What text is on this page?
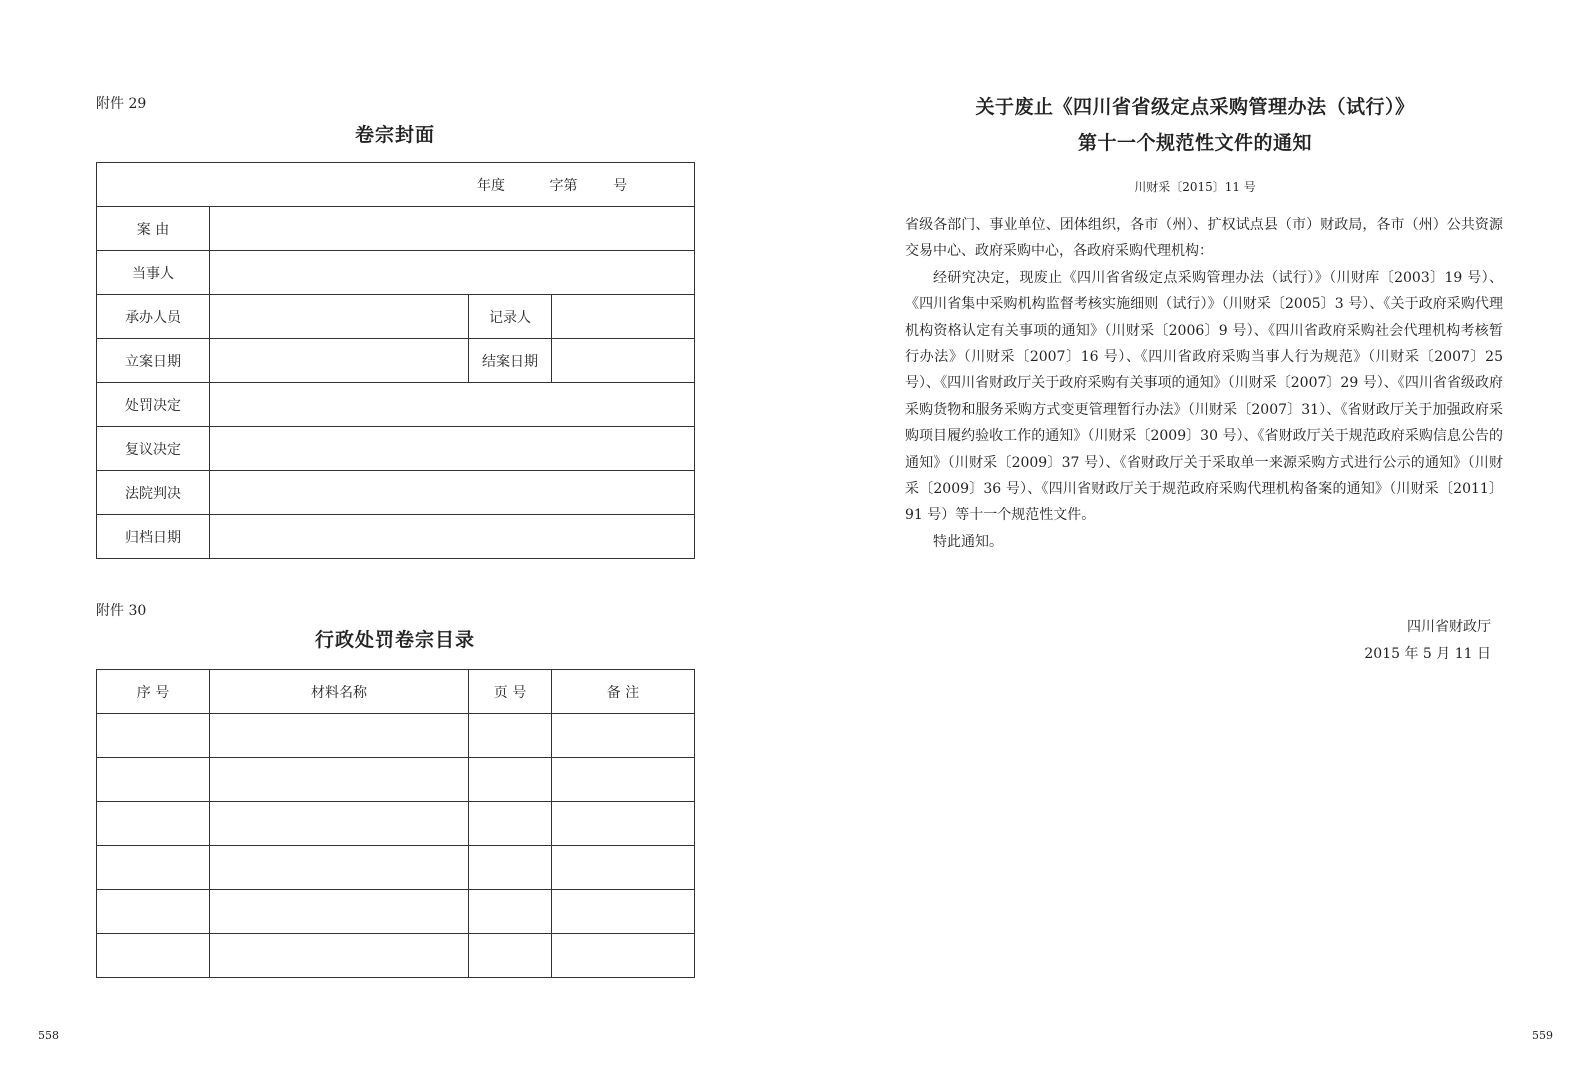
附件 29
卷宗封面
年度          字第        号			
案 由			
当事人			
承办人员		记录人	
立案日期		结案日期	
处罚决定			
复议决定			
法院判决			
归档日期			
附件 30
行政处罚卷宗目录
序 号	材料名称	页 号	备 注

558
关于废止《四川省省级定点采购管理办法（试行）》
第十一个规范性文件的通知
川财采〔2015〕11 号

省级各部门、事业单位、团体组织，各市（州）、扩权试点县（市）财政局，各市（州）公共资源交易中心、政府采购中心，各政府采购代理机构：

经研究决定，现废止《四川省省级定点采购管理办法（试行）》（川财库〔2003〕19 号）、《四川省集中采购机构监督考核实施细则（试行）》（川财采〔2005〕3 号）、《关于政府采购代理机构资格认定有关事项的通知》（川财采〔2006〕9 号）、《四川省政府采购社会代理机构考核暂行办法》（川财采〔2007〕16 号）、《四川省政府采购当事人行为规范》（川财采〔2007〕25 号）、《四川省财政厅关于政府采购有关事项的通知》（川财采〔2007〕29 号）、《四川省省级政府采购货物和服务采购方式变更管理暂行办法》（川财采〔2007〕31）、《省财政厅关于加强政府采购项目履约验收工作的通知》（川财采〔2009〕30 号）、《省财政厅关于规范政府采购信息公告的通知》（川财采〔2009〕37 号）、《省财政厅关于采取单一来源采购方式进行公示的通知》（川财采〔2009〕36 号）、《四川省财政厅关于规范政府采购代理机构备案的通知》（川财采〔2011〕91 号）等十一个规范性文件。

特此通知。

四川省财政厅
2015 年 5 月 11 日
559
